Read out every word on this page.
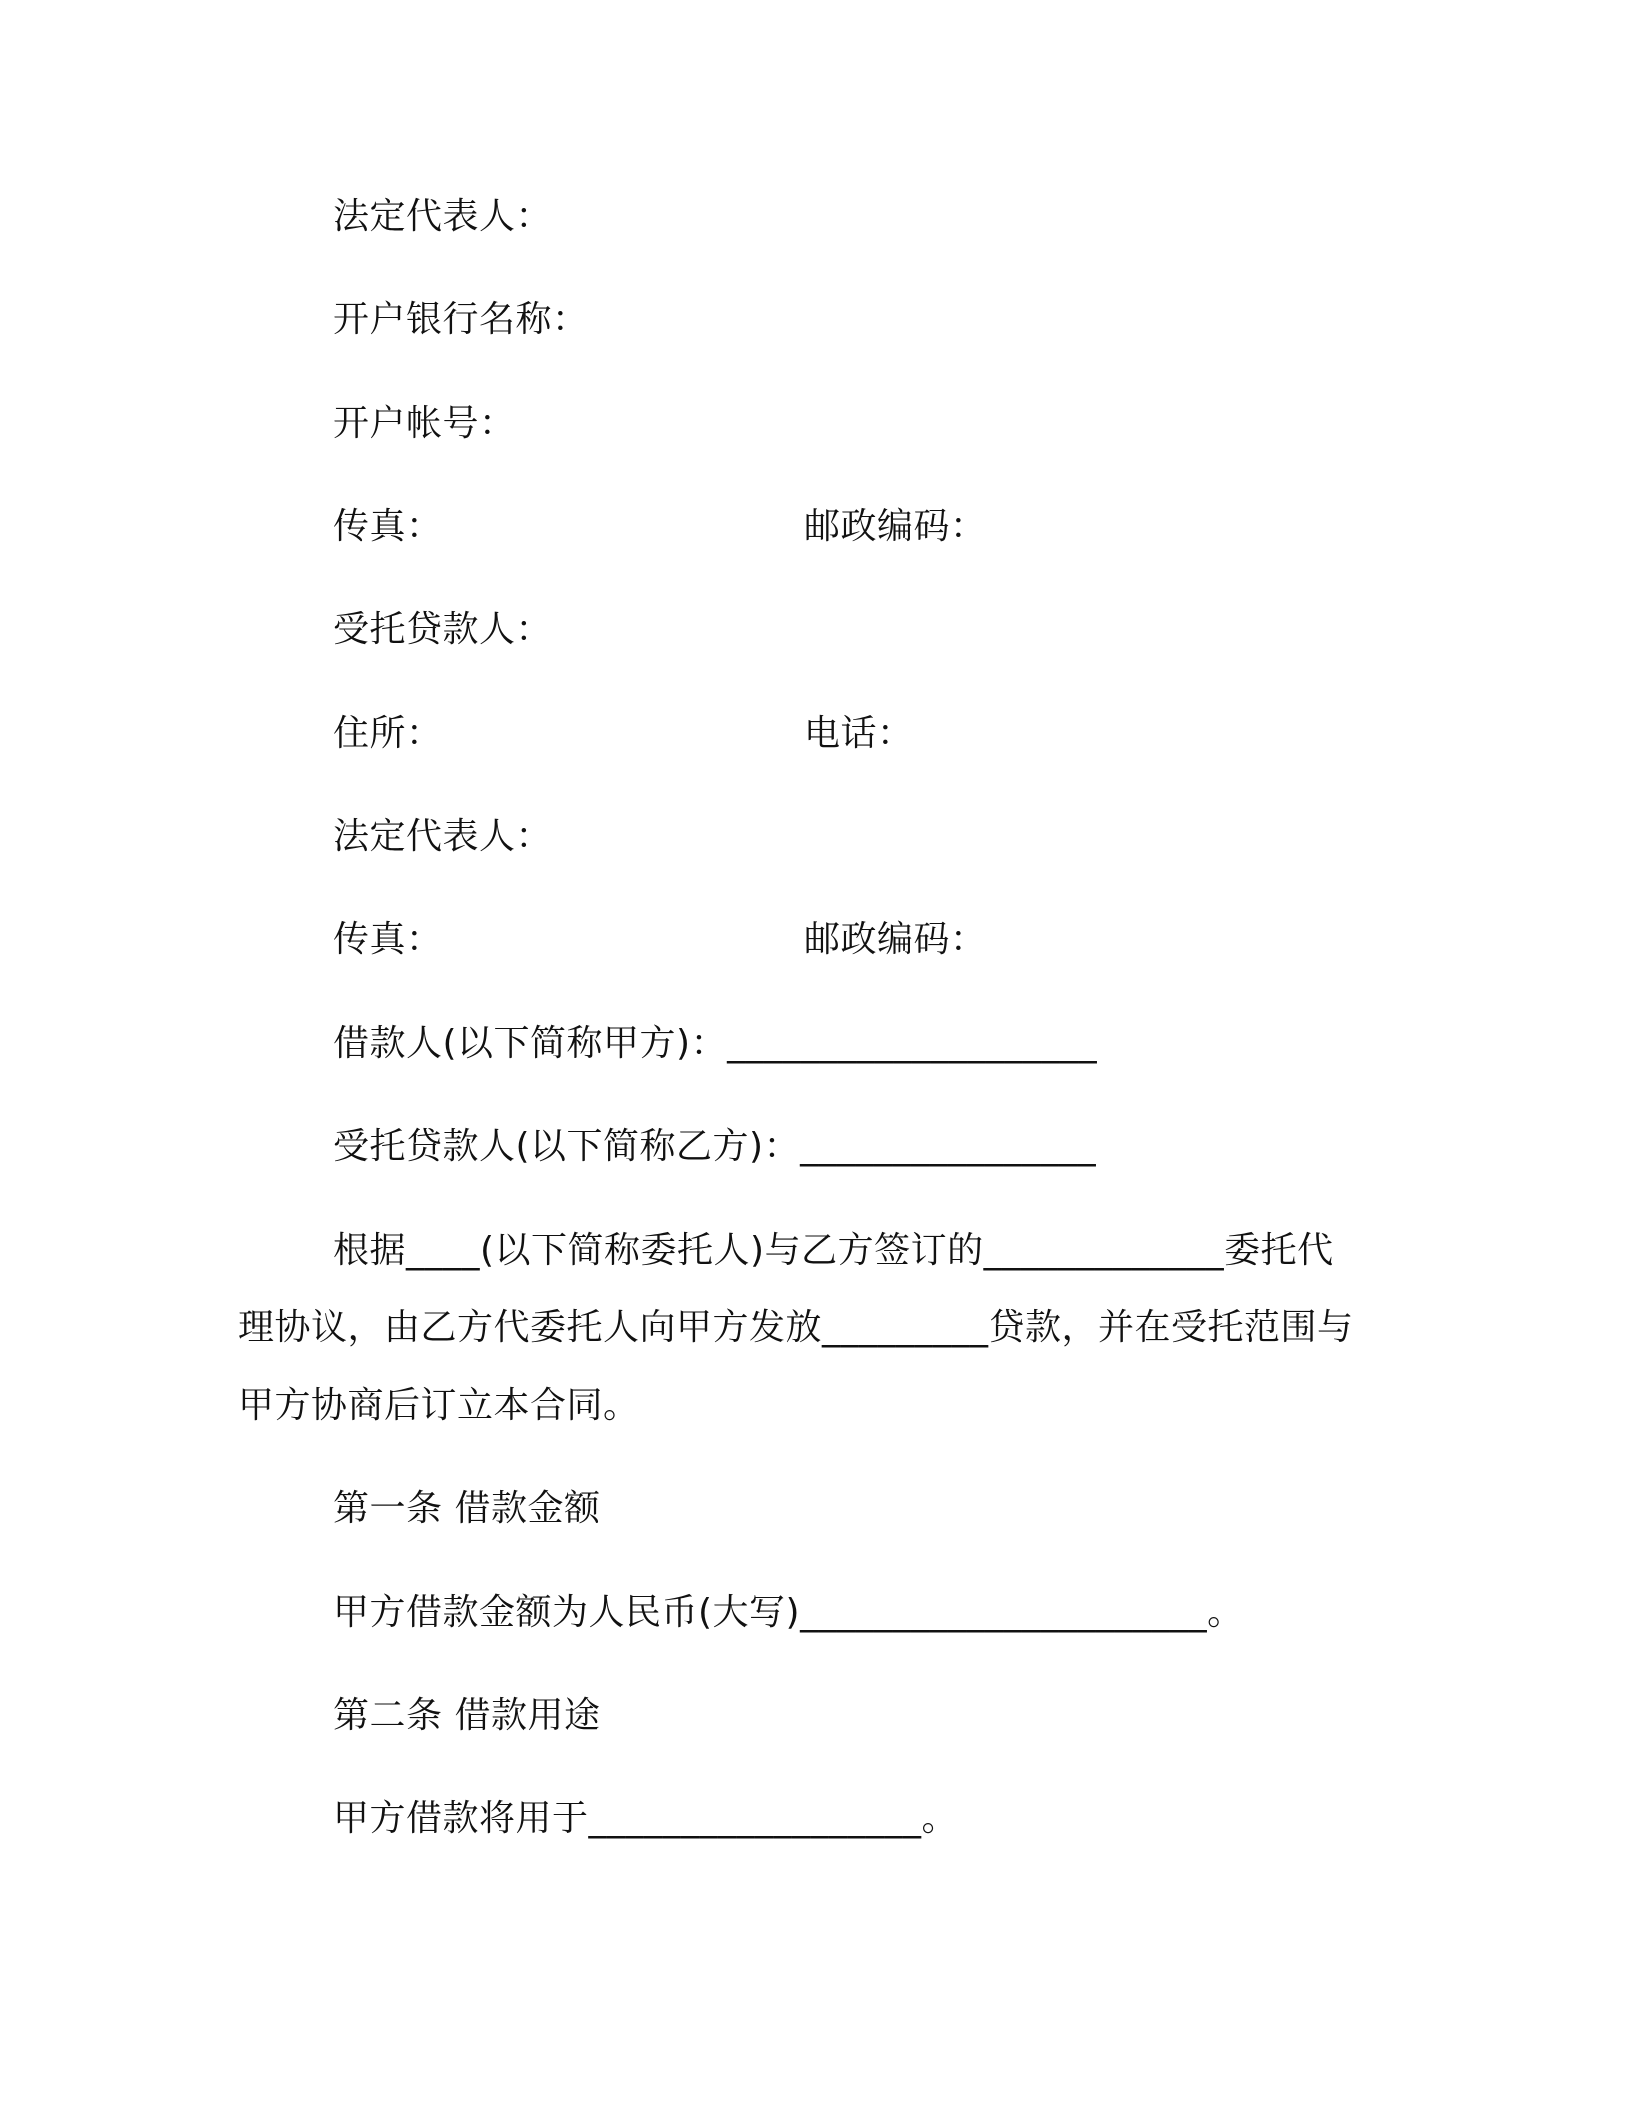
法定代表人：
开户银行名称：
开户帐号：
传真：	邮政编码：
受托贷款人：
住所：	电话：
法定代表人：
传真：	邮政编码：
借款人(以下简称甲方)：____________________
受托贷款人(以下简称乙方)：________________
根据____(以下简称委托人)与乙方签订的_____________委托代
理协议，由乙方代委托人向甲方发放_________贷款，并在受托范围与
甲方协商后订立本合同。
第一条 借款金额
甲方借款金额为人民币(大写)______________________。
第二条 借款用途
甲方借款将用于__________________。
